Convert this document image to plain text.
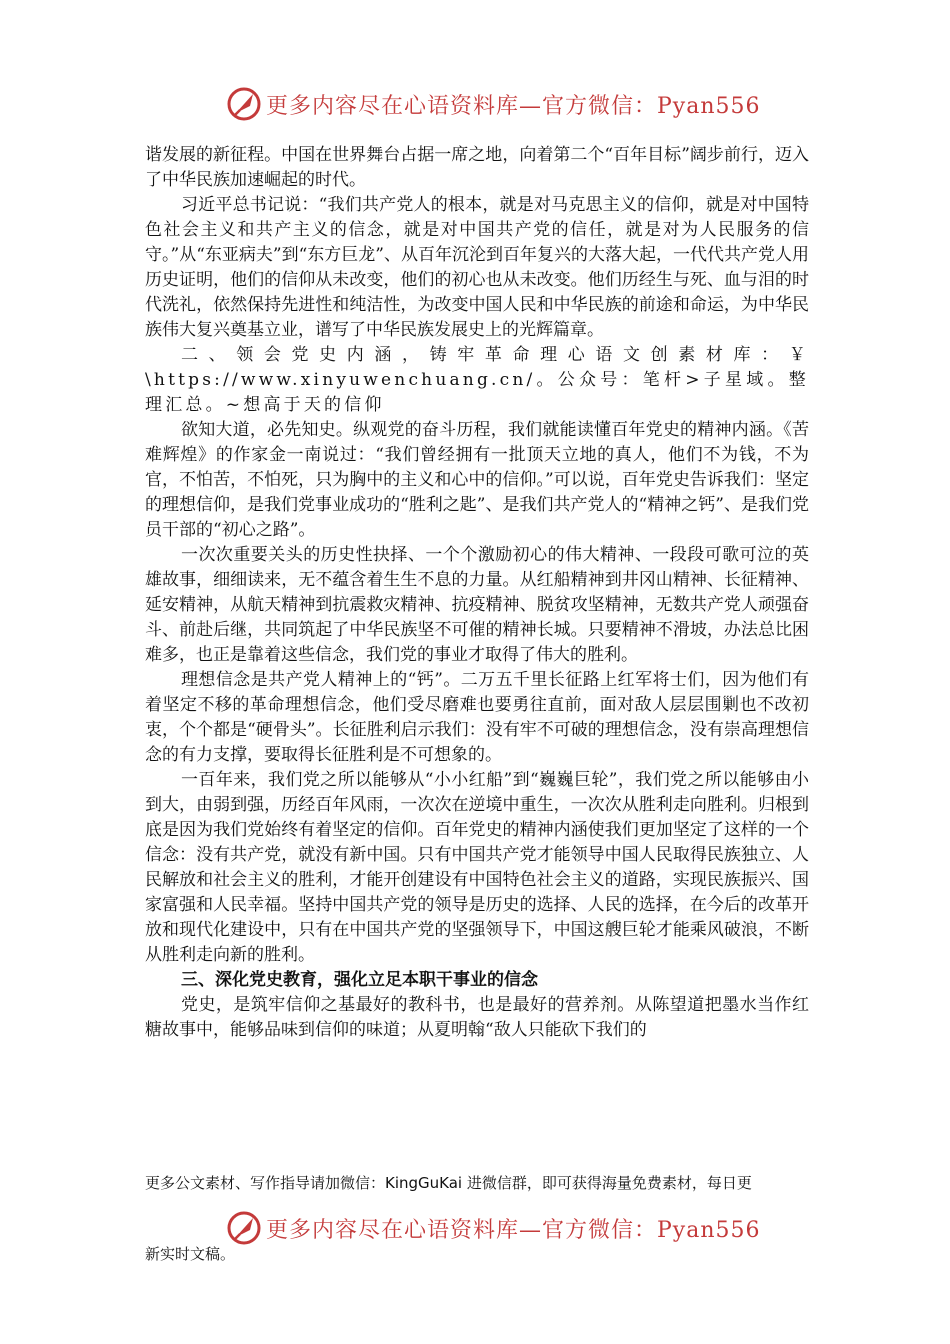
更多内容尽在心语资料库—官方微信：Pyan556

谐发展的新征程。中国在世界舞台占据一席之地，向着第二个“百年目标”阔步前行，迈入了中华民族加速崛起的时代。

习近平总书记说：“我们共产党人的根本，就是对马克思主义的信仰，就是对中国特色社会主义和共产主义的信念，就是对中国共产党的信任，就是对为人民服务的信守。”从“东亚病夫”到“东方巨龙”、从百年沉沦到百年复兴的大落大起，一代代共产党人用历史证明，他们的信仰从未改变，他们的初心也从未改变。他们历经生与死、血与泪的时代洗礼，依然保持先进性和纯洁性，为改变中国人民和中华民族的前途和命运，为中华民族伟大复兴奠基立业，谱写了中华民族发展史上的光辉篇章。

二、领会党史内涵，铸牢革命理心语文创素材库：￥\https://www.xinyuwenchuang.cn/。公众号：笔杆>子星域。整理汇总。~想高于天的信仰

欲知大道，必先知史。纵观党的奋斗历程，我们就能读懂百年党史的精神内涵。《苦难辉煌》的作家金一南说过：“我们曾经拥有一批顶天立地的真人，他们不为钱，不为官，不怕苦，不怕死，只为胸中的主义和心中的信仰。”可以说，百年党史告诉我们：坚定的理想信仰，是我们党事业成功的“胜利之匙”、是我们共产党人的“精神之钙”、是我们党员干部的“初心之路”。

一次次重要关头的历史性抉择、一个个激励初心的伟大精神、一段段可歌可泣的英雄故事，细细读来，无不蕴含着生生不息的力量。从红船精神到井冈山精神、长征精神、延安精神，从航天精神到抗震救灾精神、抗疫精神、脱贫攻坚精神，无数共产党人顽强奋斗、前赴后继，共同筑起了中华民族坚不可催的精神长城。只要精神不滑坡，办法总比困难多，也正是靠着这些信念，我们党的事业才取得了伟大的胜利。

理想信念是共产党人精神上的“钙”。二万五千里长征路上红军将士们，因为他们有着坚定不移的革命理想信念，他们受尽磨难也要勇往直前，面对敌人层层围剿也不改初衷，个个都是“硬骨头”。长征胜利启示我们：没有牢不可破的理想信念，没有崇高理想信念的有力支撑，要取得长征胜利是不可想象的。

一百年来，我们党之所以能够从“小小红船”到“巍巍巨轮”，我们党之所以能够由小到大，由弱到强，历经百年风雨，一次次在逆境中重生，一次次从胜利走向胜利。归根到底是因为我们党始终有着坚定的信仰。百年党史的精神内涵使我们更加坚定了这样的一个信念：没有共产党，就没有新中国。只有中国共产党才能领导中国人民取得民族独立、人民解放和社会主义的胜利，才能开创建设有中国特色社会主义的道路，实现民族振兴、国家富强和人民幸福。坚持中国共产党的领导是历史的选择、人民的选择，在今后的改革开放和现代化建设中，只有在中国共产党的坚强领导下，中国这艘巨轮才能乘风破浪，不断从胜利走向新的胜利。

三、深化党史教育，强化立足本职干事业的信念

党史，是筑牢信仰之基最好的教科书，也是最好的营养剂。从陈望道把墨水当作红糖故事中，能够品味到信仰的味道；从夏明翰“敌人只能砍下我们的

更多公文素材、写作指导请加微信：KingGuKai 进微信群，即可获得海量免费素材，每日更
更多内容尽在心语资料库—官方微信：Pyan556
新实时文稿。
